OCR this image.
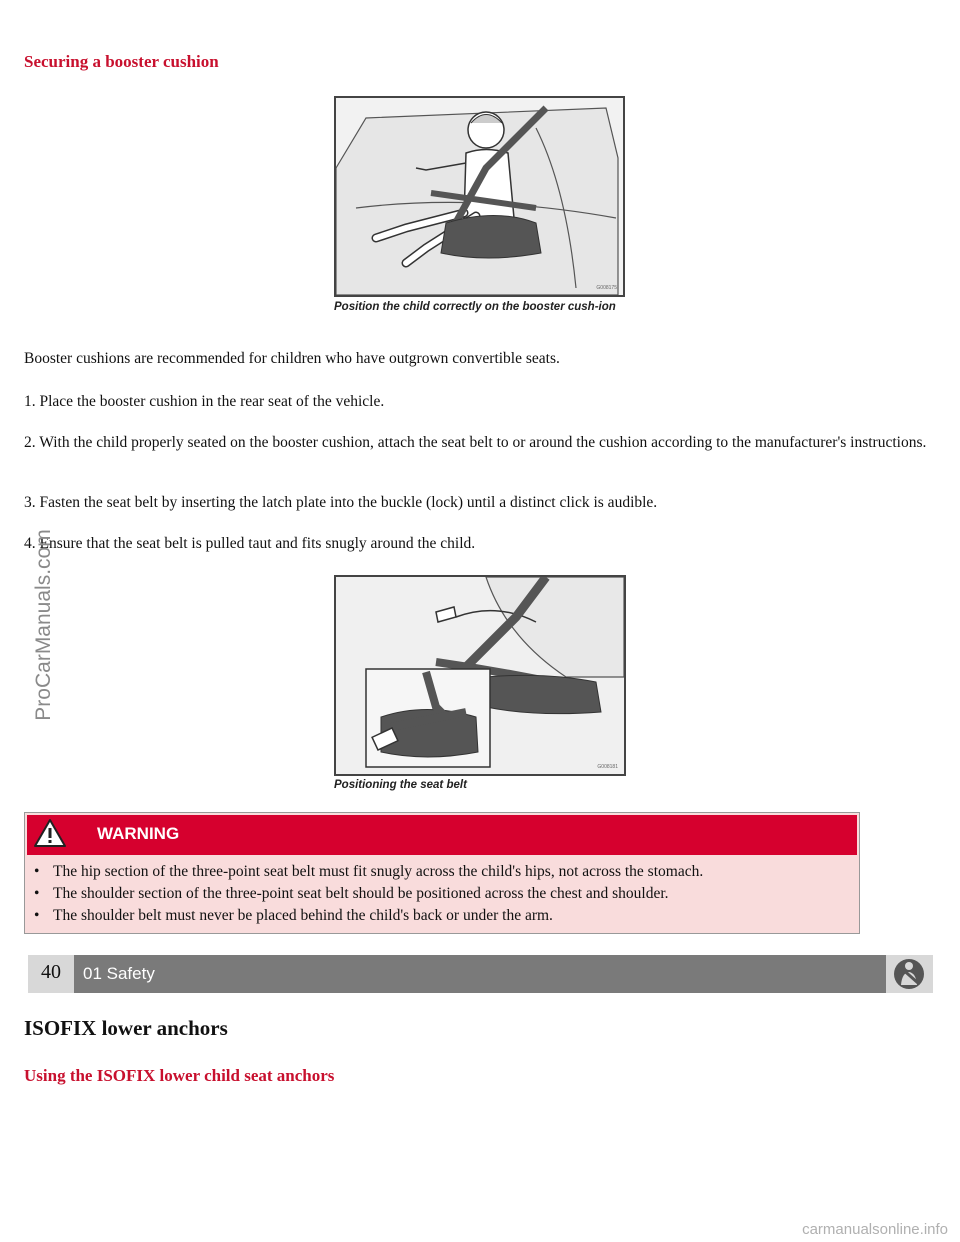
Securing a booster cushion
G008175
Position the child correctly on the booster cush-ion

Booster cushions are recommended for children who have outgrown convertible seats.

1. Place the booster cushion in the rear seat of the vehicle.

2. With the child properly seated on the booster cushion, attach the seat belt to or around the cushion according to the manufacturer's instructions.

3. Fasten the seat belt by inserting the latch plate into the buckle (lock) until a distinct click is audible.

4. Ensure that the seat belt is pulled taut and fits snugly around the child.

G008181
Positioning the seat belt
WARNING
• The hip section of the three-point seat belt must fit snugly across the child's hips, not across the stomach.
• The shoulder section of the three-point seat belt should be positioned across the chest and shoulder.
• The shoulder belt must never be placed behind the child's back or under the arm.
40	01 Safety
ISOFIX lower anchors
Using the ISOFIX lower child seat anchors
ProCarManuals.com
carmanualsonline.info
